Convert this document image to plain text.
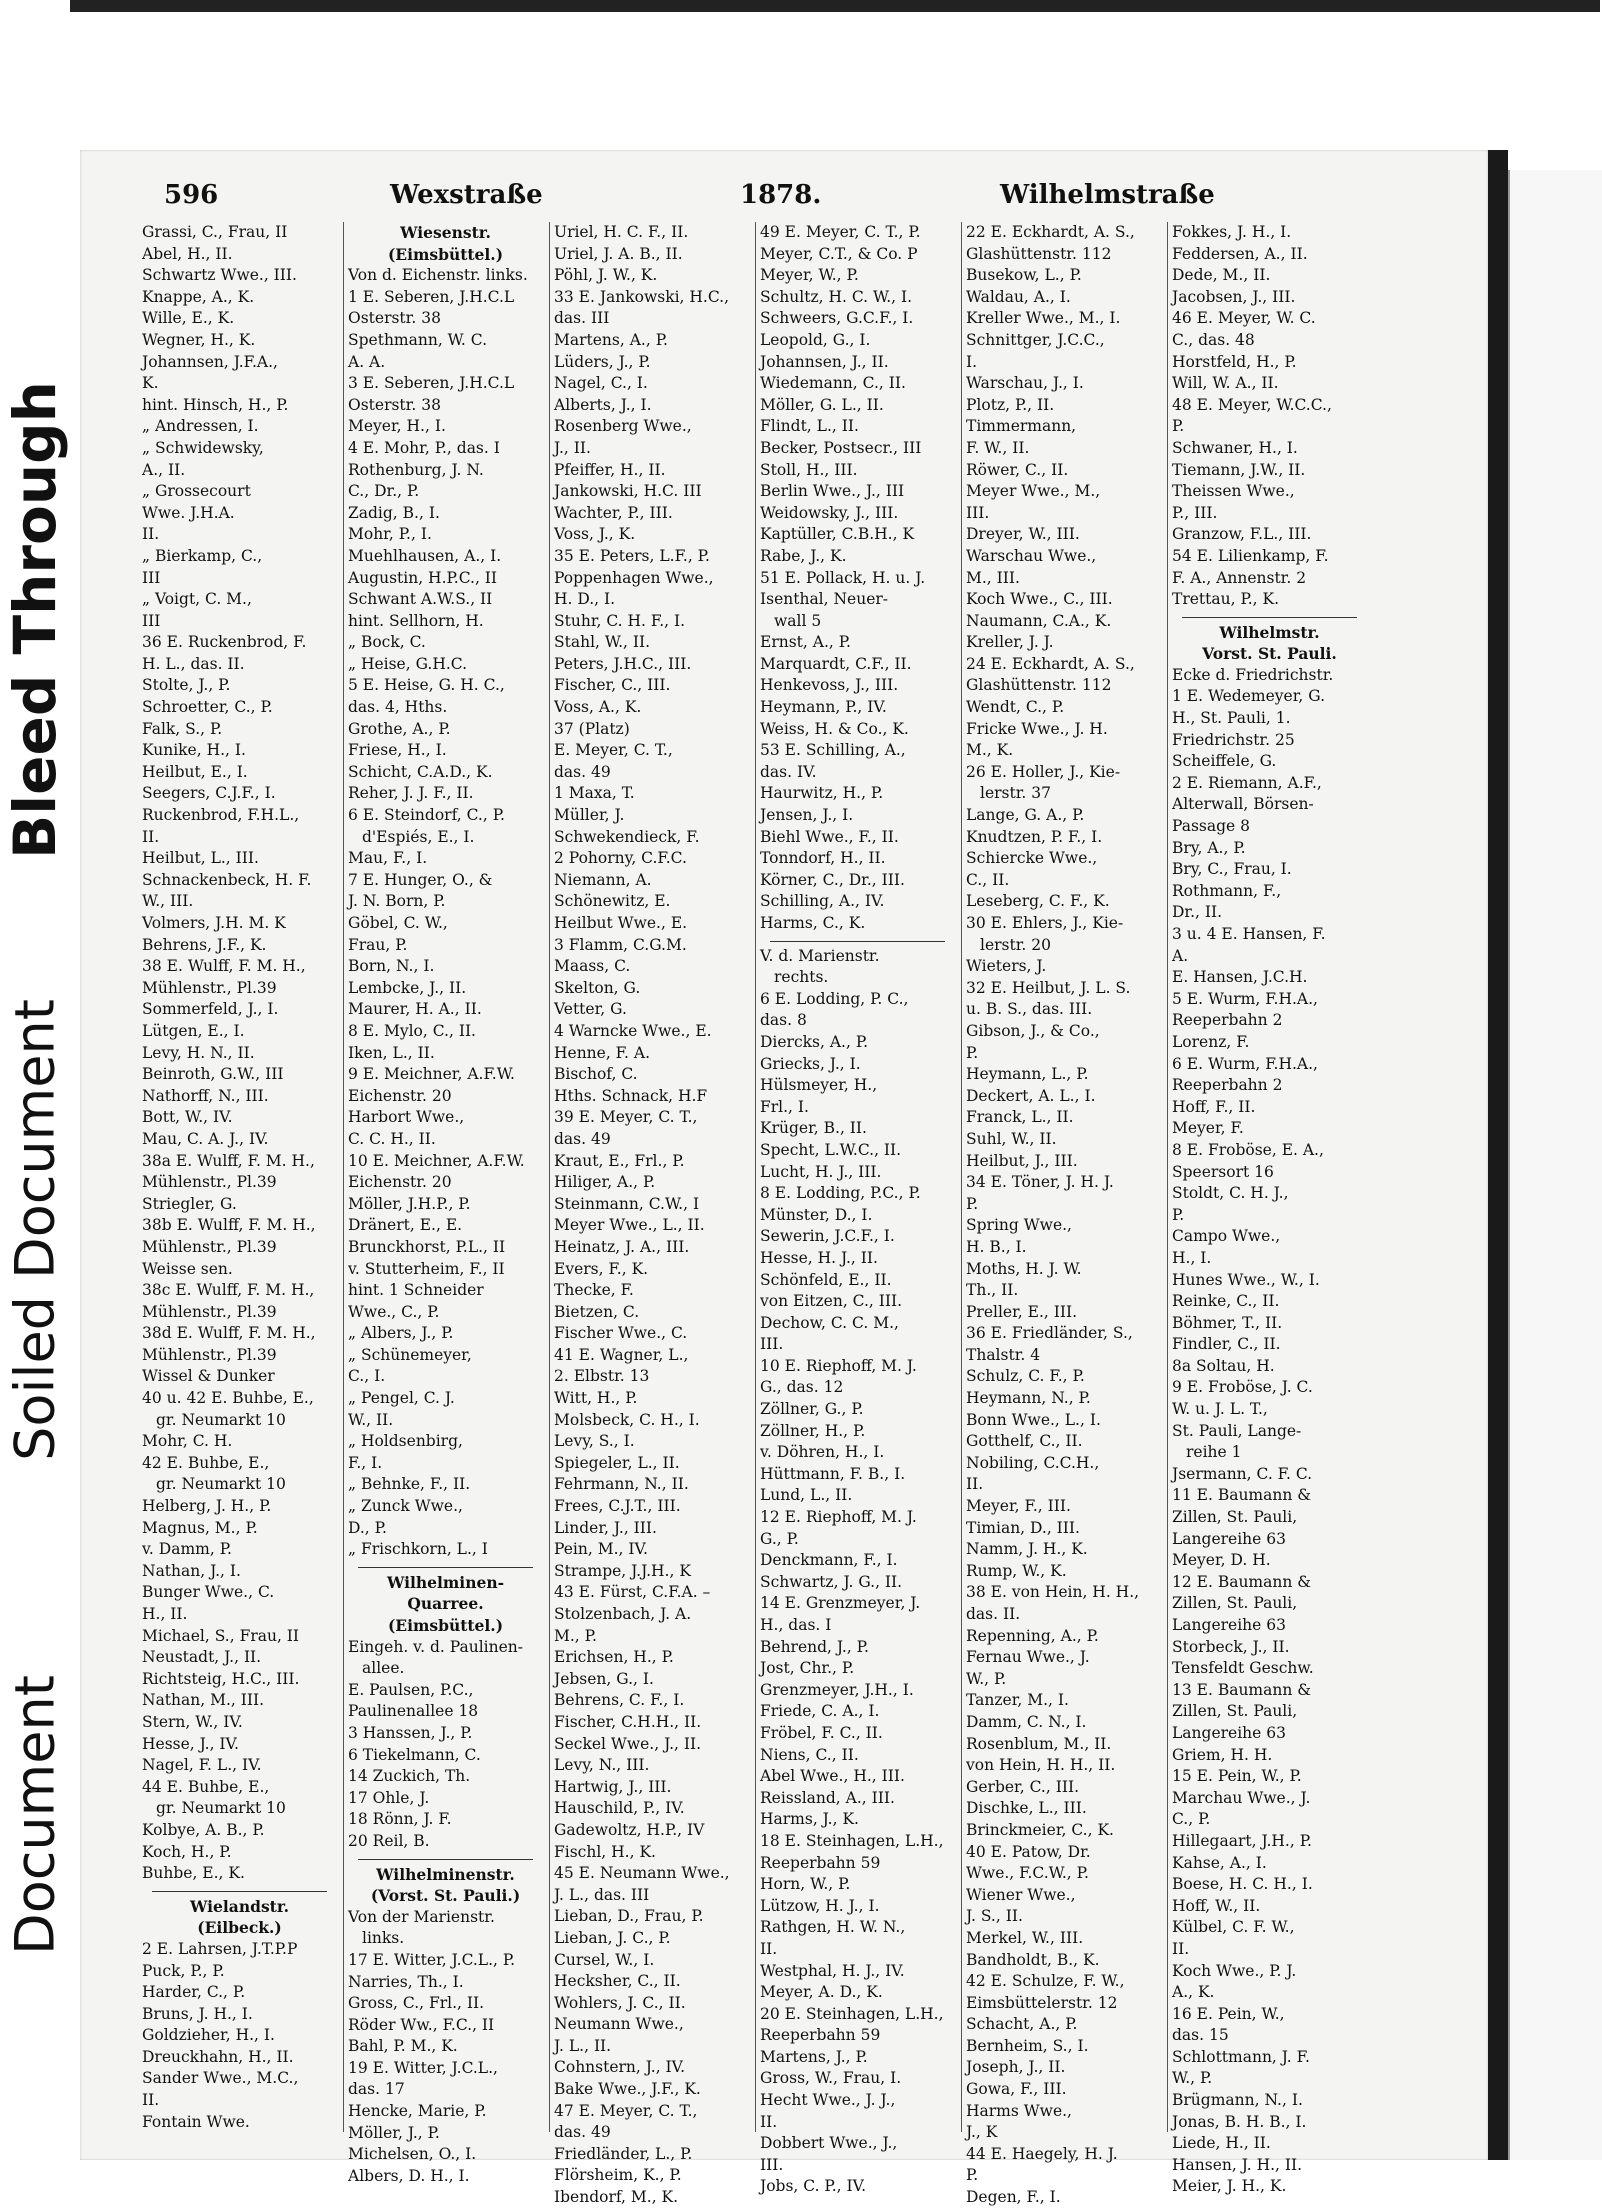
Bleed Through
Soiled Document
Document
596	Wexstraße	1878.	Wilhelmstraße
Grassi, C., Frau, II
Abel, H., II.
Schwartz Wwe., III.
Knappe, A., K.
Wille, E., K.
Wegner, H., K.
Johannsen, J.F.A.,
K.
hint. Hinsch, H., P.
„ Andressen, I.
„ Schwidewsky,
A., II.
„ Grossecourt
Wwe. J.H.A.
II.
„ Bierkamp, C.,
III
„ Voigt, C. M.,
III
36 E. Ruckenbrod, F.
H. L., das. II.
Stolte, J., P.
Schroetter, C., P.
Falk, S., P.
Kunike, H., I.
Heilbut, E., I.
Seegers, C.J.F., I.
Ruckenbrod, F.H.L.,
II.
Heilbut, L., III.
Schnackenbeck, H. F.
W., III.
Volmers, J.H. M. K
Behrens, J.F., K.
38 E. Wulff, F. M. H.,
Mühlenstr., Pl.39
Sommerfeld, J., I.
Lütgen, E., I.
Levy, H. N., II.
Beinroth, G.W., III
Nathorff, N., III.
Bott, W., IV.
Mau, C. A. J., IV.
38a E. Wulff, F. M. H.,
Mühlenstr., Pl.39
Striegler, G.
38b E. Wulff, F. M. H.,
Mühlenstr., Pl.39
Weisse sen.
38c E. Wulff, F. M. H.,
Mühlenstr., Pl.39
38d E. Wulff, F. M. H.,
Mühlenstr., Pl.39
Wissel & Dunker
40 u. 42 E. Buhbe, E.,
gr. Neumarkt 10
Mohr, C. H.
42 E. Buhbe, E.,
gr. Neumarkt 10
Helberg, J. H., P.
Magnus, M., P.
v. Damm, P.
Nathan, J., I.
Bunger Wwe., C.
H., II.
Michael, S., Frau, II
Neustadt, J., II.
Richtsteig, H.C., III.
Nathan, M., III.
Stern, W., IV.
Hesse, J., IV.
Nagel, F. L., IV.
44 E. Buhbe, E.,
gr. Neumarkt 10
Kolbye, A. B., P.
Koch, H., P.
Buhbe, E., K.
Wielandstr.
(Eilbeck.)
2 E. Lahrsen, J.T.P.P
Puck, P., P.
Harder, C., P.
Bruns, J. H., I.
Goldzieher, H., I.
Dreuckhahn, H., II.
Sander Wwe., M.C.,
II.
Fontain Wwe.
Wiesenstr.
(Eimsbüttel.)
Von d. Eichenstr. links.
1 E. Seberen, J.H.C.L
Osterstr. 38
Spethmann, W. C.
A. A.
3 E. Seberen, J.H.C.L
Osterstr. 38
Meyer, H., I.
4 E. Mohr, P., das. I
Rothenburg, J. N.
C., Dr., P.
Zadig, B., I.
Mohr, P., I.
Muehlhausen, A., I.
Augustin, H.P.C., II
Schwant A.W.S., II
hint. Sellhorn, H.
„ Bock, C.
„ Heise, G.H.C.
5 E. Heise, G. H. C.,
das. 4, Hths.
Grothe, A., P.
Friese, H., I.
Schicht, C.A.D., K.
Reher, J. J. F., II.
6 E. Steindorf, C., P.
d'Espiés, E., I.
Mau, F., I.
7 E. Hunger, O., &
J. N. Born, P.
Göbel, C. W.,
Frau, P.
Born, N., I.
Lembcke, J., II.
Maurer, H. A., II.
8 E. Mylo, C., II.
Iken, L., II.
9 E. Meichner, A.F.W.
Eichenstr. 20
Harbort Wwe.,
C. C. H., II.
10 E. Meichner, A.F.W.
Eichenstr. 20
Möller, J.H.P., P.
Dränert, E., E.
Brunckhorst, P.L., II
v. Stutterheim, F., II
hint. 1 Schneider
Wwe., C., P.
„ Albers, J., P.
„ Schünemeyer,
C., I.
„ Pengel, C. J.
W., II.
„ Holdsenbirg,
F., I.
„ Behnke, F., II.
„ Zunck Wwe.,
D., P.
„ Frischkorn, L., I
Wilhelminen-
Quarree.
(Eimsbüttel.)
Eingeh. v. d. Paulinen-
allee.
E. Paulsen, P.C.,
Paulinenallee 18
3 Hanssen, J., P.
6 Tiekelmann, C.
14 Zuckich, Th.
17 Ohle, J.
18 Rönn, J. F.
20 Reil, B.
Wilhelminenstr.
(Vorst. St. Pauli.)
Von der Marienstr.
links.
17 E. Witter, J.C.L., P.
Narries, Th., I.
Gross, C., Frl., II.
Röder Ww., F.C., II
Bahl, P. M., K.
19 E. Witter, J.C.L.,
das. 17
Hencke, Marie, P.
Möller, J., P.
Michelsen, O., I.
Albers, D. H., I.
Uriel, H. C. F., II.
Uriel, J. A. B., II.
Pöhl, J. W., K.
33 E. Jankowski, H.C.,
das. III
Martens, A., P.
Lüders, J., P.
Nagel, C., I.
Alberts, J., I.
Rosenberg Wwe.,
J., II.
Pfeiffer, H., II.
Jankowski, H.C. III
Wachter, P., III.
Voss, J., K.
35 E. Peters, L.F., P.
Poppenhagen Wwe.,
H. D., I.
Stuhr, C. H. F., I.
Stahl, W., II.
Peters, J.H.C., III.
Fischer, C., III.
Voss, A., K.
37 (Platz)
E. Meyer, C. T.,
das. 49
1 Maxa, T.
Müller, J.
Schwekendieck, F.
2 Pohorny, C.F.C.
Niemann, A.
Schönewitz, E.
Heilbut Wwe., E.
3 Flamm, C.G.M.
Maass, C.
Skelton, G.
Vetter, G.
4 Warncke Wwe., E.
Henne, F. A.
Bischof, C.
Hths. Schnack, H.F
39 E. Meyer, C. T.,
das. 49
Kraut, E., Frl., P.
Hiliger, A., P.
Steinmann, C.W., I
Meyer Wwe., L., II.
Heinatz, J. A., III.
Evers, F., K.
Thecke, F.
Bietzen, C.
Fischer Wwe., C.
41 E. Wagner, L.,
2. Elbstr. 13
Witt, H., P.
Molsbeck, C. H., I.
Levy, S., I.
Spiegeler, L., II.
Fehrmann, N., II.
Frees, C.J.T., III.
Linder, J., III.
Pein, M., IV.
Strampe, J.J.H., K
43 E. Fürst, C.F.A. –
Stolzenbach, J. A.
M., P.
Erichsen, H., P.
Jebsen, G., I.
Behrens, C. F., I.
Fischer, C.H.H., II.
Seckel Wwe., J., II.
Levy, N., III.
Hartwig, J., III.
Hauschild, P., IV.
Gadewoltz, H.P., IV
Fischl, H., K.
45 E. Neumann Wwe.,
J. L., das. III
Lieban, D., Frau, P.
Lieban, J. C., P.
Cursel, W., I.
Hecksher, C., II.
Wohlers, J. C., II.
Neumann Wwe.,
J. L., II.
Cohnstern, J., IV.
Bake Wwe., J.F., K.
47 E. Meyer, C. T.,
das. 49
Friedländer, L., P.
Flörsheim, K., P.
Ibendorf, M., K.
49 E. Meyer, C. T., P.
Meyer, C.T., & Co. P
Meyer, W., P.
Schultz, H. C. W., I.
Schweers, G.C.F., I.
Leopold, G., I.
Johannsen, J., II.
Wiedemann, C., II.
Möller, G. L., II.
Flindt, L., II.
Becker, Postsecr., III
Stoll, H., III.
Berlin Wwe., J., III
Weidowsky, J., III.
Kaptüller, C.B.H., K
Rabe, J., K.
51 E. Pollack, H. u. J.
Isenthal, Neuer-
wall 5
Ernst, A., P.
Marquardt, C.F., II.
Henkevoss, J., III.
Heymann, P., IV.
Weiss, H. & Co., K.
53 E. Schilling, A.,
das. IV.
Haurwitz, H., P.
Jensen, J., I.
Biehl Wwe., F., II.
Tonndorf, H., II.
Körner, C., Dr., III.
Schilling, A., IV.
Harms, C., K.
V. d. Marienstr.
rechts.
6 E. Lodding, P. C.,
das. 8
Diercks, A., P.
Griecks, J., I.
Hülsmeyer, H.,
Frl., I.
Krüger, B., II.
Specht, L.W.C., II.
Lucht, H. J., III.
8 E. Lodding, P.C., P.
Münster, D., I.
Sewerin, J.C.F., I.
Hesse, H. J., II.
Schönfeld, E., II.
von Eitzen, C., III.
Dechow, C. C. M.,
III.
10 E. Riephoff, M. J.
G., das. 12
Zöllner, G., P.
Zöllner, H., P.
v. Döhren, H., I.
Hüttmann, F. B., I.
Lund, L., II.
12 E. Riephoff, M. J.
G., P.
Denckmann, F., I.
Schwartz, J. G., II.
14 E. Grenzmeyer, J.
H., das. I
Behrend, J., P.
Jost, Chr., P.
Grenzmeyer, J.H., I.
Friede, C. A., I.
Fröbel, F. C., II.
Niens, C., II.
Abel Wwe., H., III.
Reissland, A., III.
Harms, J., K.
18 E. Steinhagen, L.H.,
Reeperbahn 59
Horn, W., P.
Lützow, H. J., I.
Rathgen, H. W. N.,
II.
Westphal, H. J., IV.
Meyer, A. D., K.
20 E. Steinhagen, L.H.,
Reeperbahn 59
Martens, J., P.
Gross, W., Frau, I.
Hecht Wwe., J. J.,
II.
Dobbert Wwe., J.,
III.
Jobs, C. P., IV.
22 E. Eckhardt, A. S.,
Glashüttenstr. 112
Busekow, L., P.
Waldau, A., I.
Kreller Wwe., M., I.
Schnittger, J.C.C.,
I.
Warschau, J., I.
Plotz, P., II.
Timmermann,
F. W., II.
Röwer, C., II.
Meyer Wwe., M.,
III.
Dreyer, W., III.
Warschau Wwe.,
M., III.
Koch Wwe., C., III.
Naumann, C.A., K.
Kreller, J. J.
24 E. Eckhardt, A. S.,
Glashüttenstr. 112
Wendt, C., P.
Fricke Wwe., J. H.
M., K.
26 E. Holler, J., Kie-
lerstr. 37
Lange, G. A., P.
Knudtzen, P. F., I.
Schiercke Wwe.,
C., II.
Leseberg, C. F., K.
30 E. Ehlers, J., Kie-
lerstr. 20
Wieters, J.
32 E. Heilbut, J. L. S.
u. B. S., das. III.
Gibson, J., & Co.,
P.
Heymann, L., P.
Deckert, A. L., I.
Franck, L., II.
Suhl, W., II.
Heilbut, J., III.
34 E. Töner, J. H. J.
P.
Spring Wwe.,
H. B., I.
Moths, H. J. W.
Th., II.
Preller, E., III.
36 E. Friedländer, S.,
Thalstr. 4
Schulz, C. F., P.
Heymann, N., P.
Bonn Wwe., L., I.
Gotthelf, C., II.
Nobiling, C.C.H.,
II.
Meyer, F., III.
Timian, D., III.
Namm, J. H., K.
Rump, W., K.
38 E. von Hein, H. H.,
das. II.
Repenning, A., P.
Fernau Wwe., J.
W., P.
Tanzer, M., I.
Damm, C. N., I.
Rosenblum, M., II.
von Hein, H. H., II.
Gerber, C., III.
Dischke, L., III.
Brinckmeier, C., K.
40 E. Patow, Dr.
Wwe., F.C.W., P.
Wiener Wwe.,
J. S., II.
Merkel, W., III.
Bandholdt, B., K.
42 E. Schulze, F. W.,
Eimsbüttelerstr. 12
Schacht, A., P.
Bernheim, S., I.
Joseph, J., II.
Gowa, F., III.
Harms Wwe.,
J., K
44 E. Haegely, H. J.
P.
Degen, F., I.
Fokkes, J. H., I.
Feddersen, A., II.
Dede, M., II.
Jacobsen, J., III.
46 E. Meyer, W. C.
C., das. 48
Horstfeld, H., P.
Will, W. A., II.
48 E. Meyer, W.C.C.,
P.
Schwaner, H., I.
Tiemann, J.W., II.
Theissen Wwe.,
P., III.
Granzow, F.L., III.
54 E. Lilienkamp, F.
F. A., Annenstr. 2
Trettau, P., K.
Wilhelmstr.
Vorst. St. Pauli.
Ecke d. Friedrichstr.
1 E. Wedemeyer, G.
H., St. Pauli, 1.
Friedrichstr. 25
Scheiffele, G.
2 E. Riemann, A.F.,
Alterwall, Börsen-
Passage 8
Bry, A., P.
Bry, C., Frau, I.
Rothmann, F.,
Dr., II.
3 u. 4 E. Hansen, F.
A.
E. Hansen, J.C.H.
5 E. Wurm, F.H.A.,
Reeperbahn 2
Lorenz, F.
6 E. Wurm, F.H.A.,
Reeperbahn 2
Hoff, F., II.
Meyer, F.
8 E. Froböse, E. A.,
Speersort 16
Stoldt, C. H. J.,
P.
Campo Wwe.,
H., I.
Hunes Wwe., W., I.
Reinke, C., II.
Böhmer, T., II.
Findler, C., II.
8a Soltau, H.
9 E. Froböse, J. C.
W. u. J. L. T.,
St. Pauli, Lange-
reihe 1
Jsermann, C. F. C.
11 E. Baumann &
Zillen, St. Pauli,
Langereihe 63
Meyer, D. H.
12 E. Baumann &
Zillen, St. Pauli,
Langereihe 63
Storbeck, J., II.
Tensfeldt Geschw.
13 E. Baumann &
Zillen, St. Pauli,
Langereihe 63
Griem, H. H.
15 E. Pein, W., P.
Marchau Wwe., J.
C., P.
Hillegaart, J.H., P.
Kahse, A., I.
Boese, H. C. H., I.
Hoff, W., II.
Külbel, C. F. W.,
II.
Koch Wwe., P. J.
A., K.
16 E. Pein, W.,
das. 15
Schlottmann, J. F.
W., P.
Brügmann, N., I.
Jonas, B. H. B., I.
Liede, H., II.
Hansen, J. H., II.
Meier, J. H., K.
